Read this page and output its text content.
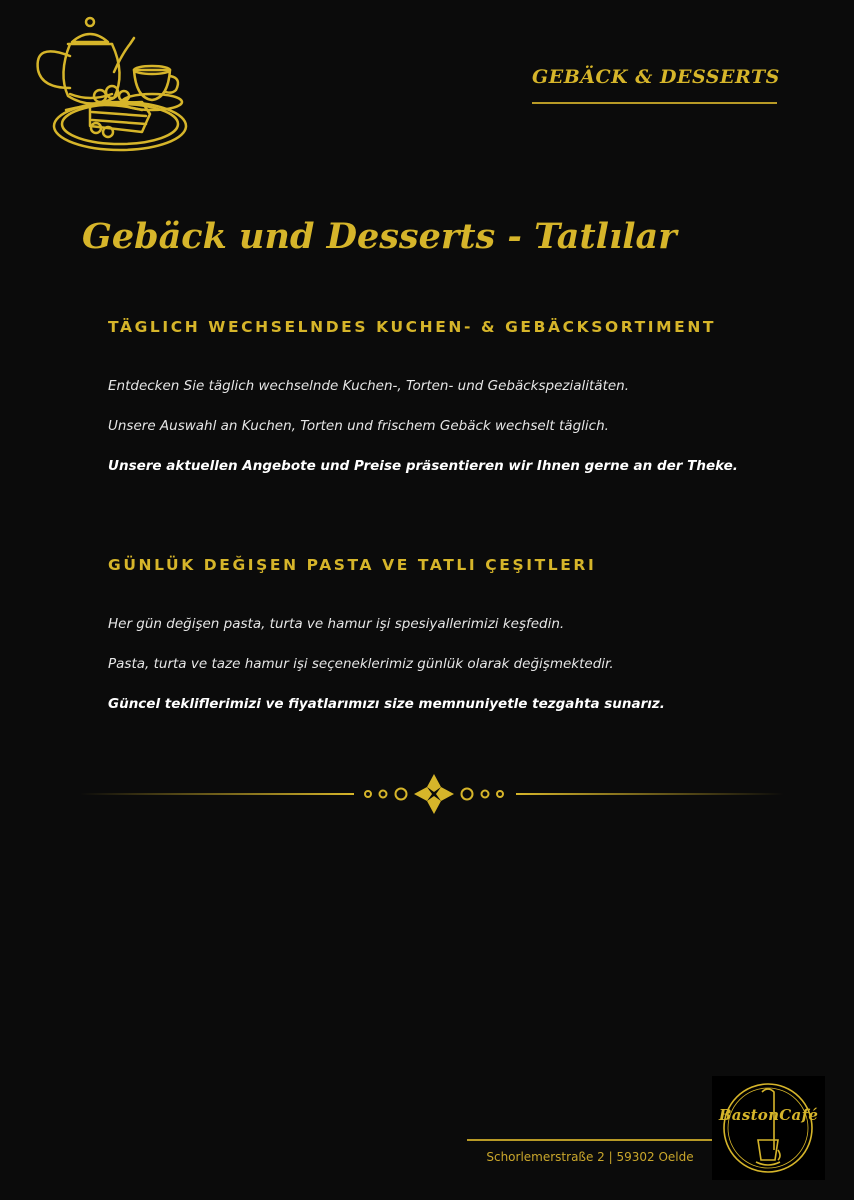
GEBÄCK & DESSERTS
Gebäck und Desserts - Tatlılar
TÄGLICH WECHSELNDES KUCHEN- & GEBÄCKSORTIMENT
Entdecken Sie täglich wechselnde Kuchen-, Torten- und Gebäckspezialitäten.
Unsere Auswahl an Kuchen, Torten und frischem Gebäck wechselt täglich.
Unsere aktuellen Angebote und Preise präsentieren wir Ihnen gerne an der Theke.
GÜNLÜK DEĞIŞEN PASTA VE TATLI ÇEŞITLERI
Her gün değişen pasta, turta ve hamur işi spesiyallerimizi keşfedin.
Pasta, turta ve taze hamur işi seçeneklerimiz günlük olarak değişmektedir.
Güncel tekliflerimizi ve fiyatlarımızı size memnuniyetle tezgahta sunarız.
Schorlemerstraße 2 | 59302 Oelde
BastonCafé
